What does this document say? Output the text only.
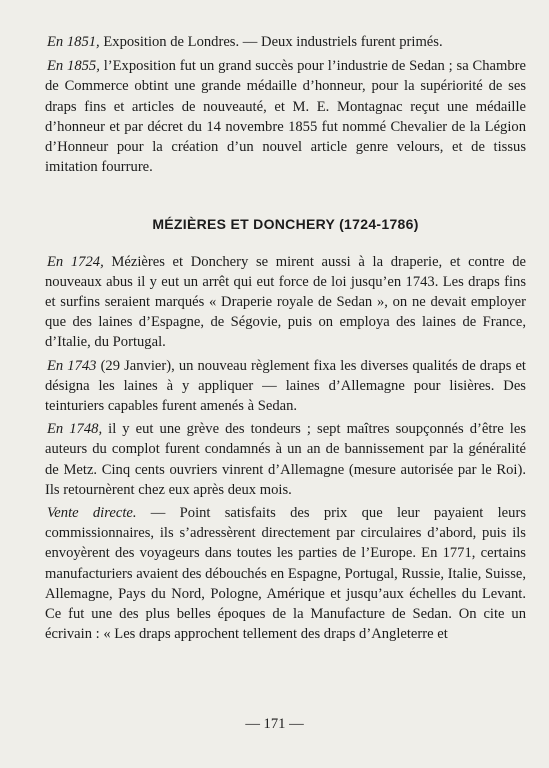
En 1851, Exposition de Londres. — Deux industriels furent primés.

En 1855, l’Exposition fut un grand succès pour l’industrie de Sedan ; sa Chambre de Commerce obtint une grande médaille d’honneur, pour la supériorité de ses draps fins et articles de nouveauté, et M. E. Montagnac reçut une médaille d’honneur et par décret du 14 novembre 1855 fut nommé Chevalier de la Légion d’Honneur pour la création d’un nouvel article genre velours, et de tissus imitation fourrure.

MÉZIÈRES ET DONCHERY (1724-1786)

En 1724, Mézières et Donchery se mirent aussi à la draperie, et contre de nouveaux abus il y eut un arrêt qui eut force de loi jusqu’en 1743. Les draps fins et surfins seraient marqués « Draperie royale de Sedan », on ne devait employer que des laines d’Espagne, de Ségovie, puis on employa des laines de France, d’Italie, du Portugal.

En 1743 (29 Janvier), un nouveau règlement fixa les diverses qualités de draps et désigna les laines à y appliquer — laines d’Allemagne pour lisières. Des teinturiers capables furent amenés à Sedan.

En 1748, il y eut une grève des tondeurs ; sept maîtres soupçonnés d’être les auteurs du complot furent condamnés à un an de bannissement par la généralité de Metz. Cinq cents ouvriers vinrent d’Allemagne (mesure autorisée par le Roi). Ils retournèrent chez eux après deux mois.

Vente directe. — Point satisfaits des prix que leur payaient leurs commissionnaires, ils s’adressèrent directement par circulaires d’abord, puis ils envoyèrent des voyageurs dans toutes les parties de l’Europe. En 1771, certains manufacturiers avaient des débouchés en Espagne, Portugal, Russie, Italie, Suisse, Allemagne, Pays du Nord, Pologne, Amérique et jusqu’aux échelles du Levant. Ce fut une des plus belles époques de la Manufacture de Sedan. On cite un écrivain : « Les draps approchent tellement des draps d’Angleterre et

— 171 —
